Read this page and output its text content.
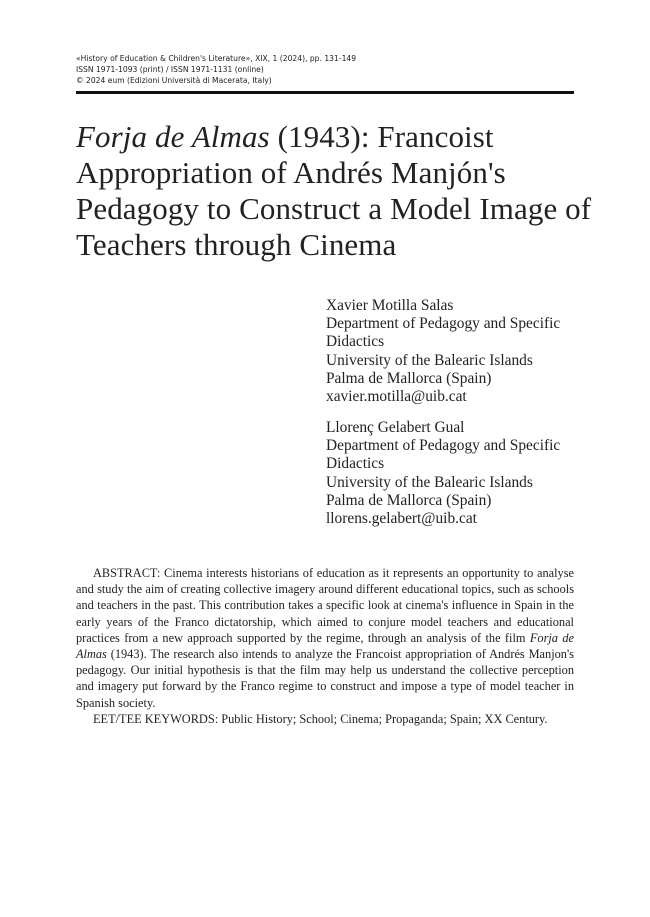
«History of Education & Children's Literature», XIX, 1 (2024), pp. 131-149
ISSN 1971-1093 (print) / ISSN 1971-1131 (online)
© 2024 eum (Edizioni Università di Macerata, Italy)
Forja de Almas (1943): Francoist Appropriation of Andrés Manjón's Pedagogy to Construct a Model Image of Teachers through Cinema
Xavier Motilla Salas
Department of Pedagogy and Specific
Didactics
University of the Balearic Islands
Palma de Mallorca (Spain)
xavier.motilla@uib.cat
Llorenç Gelabert Gual
Department of Pedagogy and Specific
Didactics
University of the Balearic Islands
Palma de Mallorca (Spain)
llorens.gelabert@uib.cat

ABSTRACT: Cinema interests historians of education as it represents an opportunity to analyse and study the aim of creating collective imagery around different educational topics, such as schools and teachers in the past. This contribution takes a specific look at cinema's influence in Spain in the early years of the Franco dictatorship, which aimed to conjure model teachers and educational practices from a new approach supported by the regime, through an analysis of the film Forja de Almas (1943). The research also intends to analyze the Francoist appropriation of Andrés Manjon's pedagogy. Our initial hypothesis is that the film may help us understand the collective perception and imagery put forward by the Franco regime to construct and impose a type of model teacher in Spanish society.

EET/TEE KEYWORDS: Public History; School; Cinema; Propaganda; Spain; XX Century.
